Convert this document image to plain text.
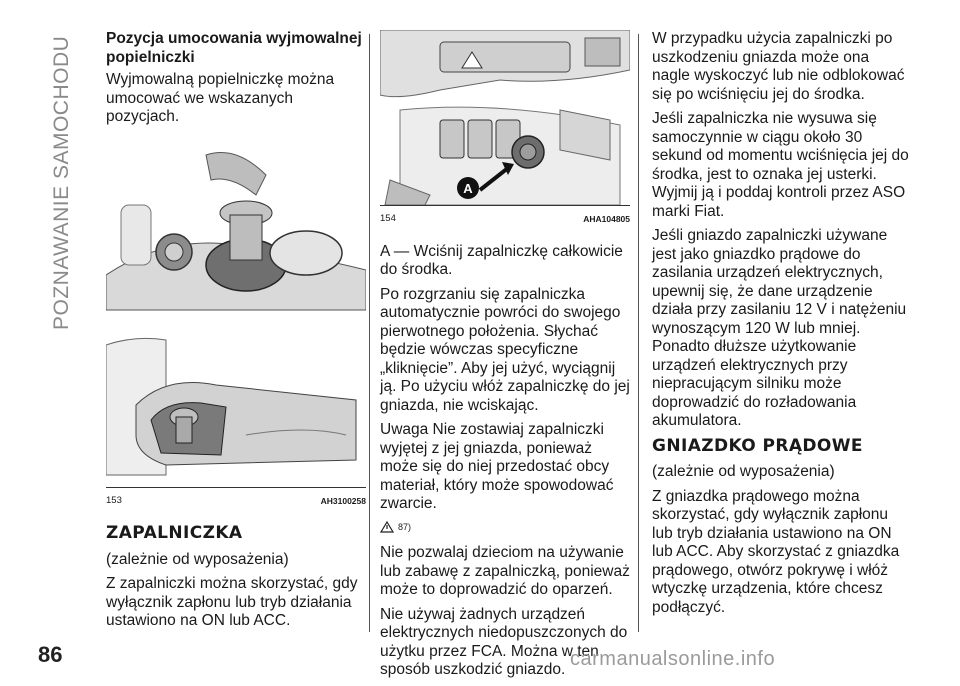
POZNAWANIE SAMOCHODU Pozycja umocowania wyjmowalnej popielniczki

Wyjmowalną popielniczkę można umocować we wskazanych pozycjach.

153	AH3100258
ZAPALNICZKA

(zależnie od wyposażenia)

Z zapalniczki można skorzystać, gdy wyłącznik zapłonu lub tryb działania ustawiono na ON lub ACC.

A
154	AHA104805

A — Wciśnij zapalniczkę całkowicie do środka.

Po rozgrzaniu się zapalniczka automatycznie powróci do swojego pierwotnego położenia. Słychać będzie wówczas specyficzne „kliknięcie”. Aby jej użyć, wyciągnij ją. Po użyciu włóż zapalniczkę do jej gniazda, nie wciskając.

Uwaga Nie zostawiaj zapalniczki wyjętej z jej gniazda, ponieważ może się do niej przedostać obcy materiał, który może spowodować zwarcie.

87)

Nie pozwalaj dzieciom na używanie lub zabawę z zapalniczką, ponieważ może to doprowadzić do oparzeń.

Nie używaj żadnych urządzeń elektrycznych niedopuszczonych do użytku przez FCA. Można w ten sposób uszkodzić gniazdo.

W przypadku użycia zapalniczki po uszkodzeniu gniazda może ona nagle wyskoczyć lub nie odblokować się po wciśnięciu jej do środka.

Jeśli zapalniczka nie wysuwa się samoczynnie w ciągu około 30 sekund od momentu wciśnięcia jej do środka, jest to oznaka jej usterki. Wyjmij ją i poddaj kontroli przez ASO marki Fiat.

Jeśli gniazdo zapalniczki używane jest jako gniazdko prądowe do zasilania urządzeń elektrycznych, upewnij się, że dane urządzenie działa przy zasilaniu 12 V i natężeniu wynoszącym 120 W lub mniej. Ponadto dłuższe użytkowanie urządzeń elektrycznych przy niepracującym silniku może doprowadzić do rozładowania akumulatora.

GNIAZDKO PRĄDOWE

(zależnie od wyposażenia)

Z gniazdka prądowego można skorzystać, gdy wyłącznik zapłonu lub tryb działania ustawiono na ON lub ACC. Aby skorzystać z gniazdka prądowego, otwórz pokrywę i włóż wtyczkę urządzenia, które chcesz podłączyć.

86	carmanualsonline.info
